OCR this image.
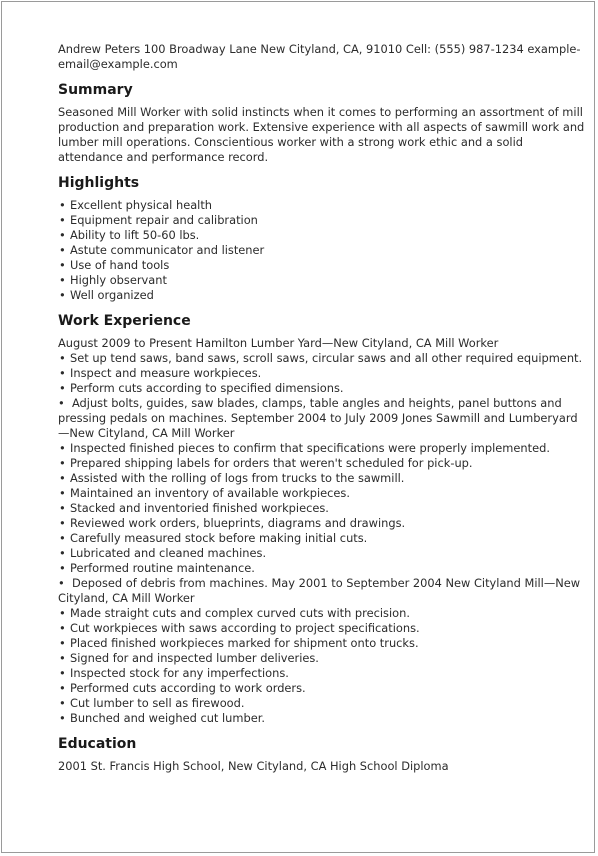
Andrew Peters 100 Broadway Lane New Cityland, CA, 91010 Cell: (555) 987-1234 example-email@example.com

Summary

Seasoned Mill Worker with solid instincts when it comes to performing an assortment of mill production and preparation work. Extensive experience with all aspects of sawmill work and lumber mill operations. Conscientious worker with a strong work ethic and a solid attendance and performance record.

Highlights
• Excellent physical health
• Equipment repair and calibration
• Ability to lift 50-60 lbs.
• Astute communicator and listener
• Use of hand tools
• Highly observant
• Well organized
Work Experience
August 2009 to Present Hamilton Lumber Yard—New Cityland, CA Mill Worker
• Set up tend saws, band saws, scroll saws, circular saws and all other required equipment.
• Inspect and measure workpieces.
• Perform cuts according to specified dimensions.

•  Adjust bolts, guides, saw blades, clamps, table angles and heights, panel buttons and pressing pedals on machines. September 2004 to July 2009 Jones Sawmill and Lumberyard—New Cityland, CA Mill Worker

• Inspected finished pieces to confirm that specifications were properly implemented.
• Prepared shipping labels for orders that weren't scheduled for pick-up.
• Assisted with the rolling of logs from trucks to the sawmill.
• Maintained an inventory of available workpieces.
• Stacked and inventoried finished workpieces.
• Reviewed work orders, blueprints, diagrams and drawings.
• Carefully measured stock before making initial cuts.
• Lubricated and cleaned machines.
• Performed routine maintenance.

•  Deposed of debris from machines. May 2001 to September 2004 New Cityland Mill—New Cityland, CA Mill Worker

• Made straight cuts and complex curved cuts with precision.
• Cut workpieces with saws according to project specifications.
• Placed finished workpieces marked for shipment onto trucks.
• Signed for and inspected lumber deliveries.
• Inspected stock for any imperfections.
• Performed cuts according to work orders.
• Cut lumber to sell as firewood.
• Bunched and weighed cut lumber.
Education

2001 St. Francis High School, New Cityland, CA High School Diploma
